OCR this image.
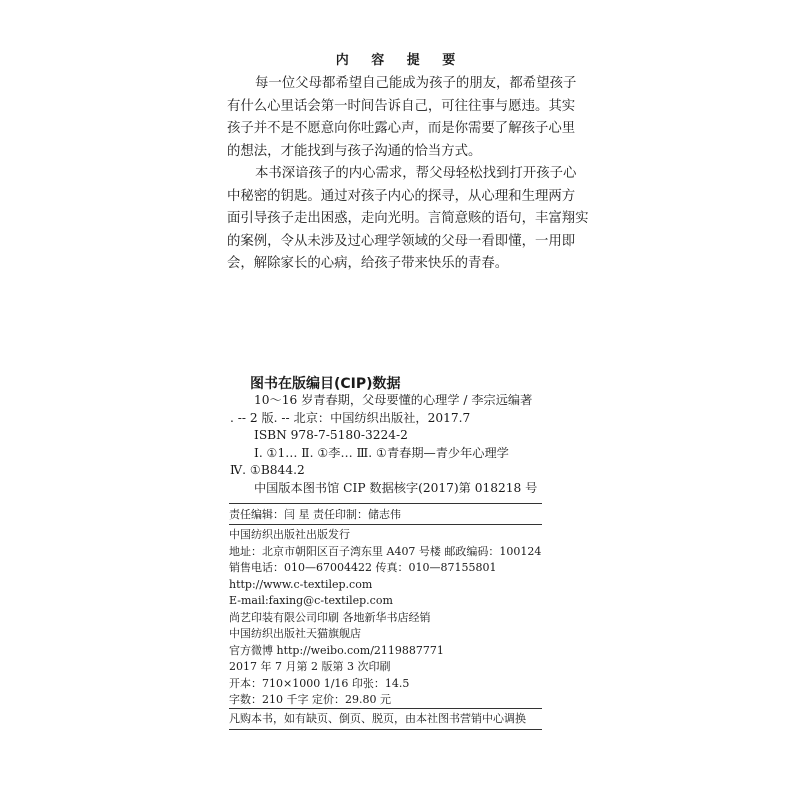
内 容 提 要
每一位父母都希望自己能成为孩子的朋友，都希望孩子
有什么心里话会第一时间告诉自己，可往往事与愿违。其实
孩子并不是不愿意向你吐露心声，而是你需要了解孩子心里
的想法，才能找到与孩子沟通的恰当方式。
本书深谙孩子的内心需求，帮父母轻松找到打开孩子心
中秘密的钥匙。通过对孩子内心的探寻，从心理和生理两方
面引导孩子走出困惑，走向光明。言简意赅的语句，丰富翔实
的案例，令从未涉及过心理学领域的父母一看即懂，一用即
会，解除家长的心病，给孩子带来快乐的青春。
图书在版编目(CIP)数据
10～16 岁青春期，父母要懂的心理学 / 李宗远编著
. -- 2 版. -- 北京：中国纺织出版社，2017.7
ISBN 978-7-5180-3224-2
Ⅰ. ①1… Ⅱ. ①李… Ⅲ. ①青春期—青少年心理学
Ⅳ. ①B844.2
中国版本图书馆 CIP 数据核字(2017)第 018218 号
责任编辑：闫 星 责任印制：储志伟
中国纺织出版社出版发行
地址：北京市朝阳区百子湾东里 A407 号楼 邮政编码：100124
销售电话：010—67004422 传真：010—87155801
http://www.c-textilep.com
E-mail:faxing@c-textilep.com
尚艺印装有限公司印刷 各地新华书店经销
中国纺织出版社天猫旗舰店
官方微博 http://weibo.com/2119887771
2017 年 7 月第 2 版第 3 次印刷
开本：710×1000 1/16 印张：14.5
字数：210 千字 定价：29.80 元
凡购本书，如有缺页、倒页、脱页，由本社图书营销中心调换
